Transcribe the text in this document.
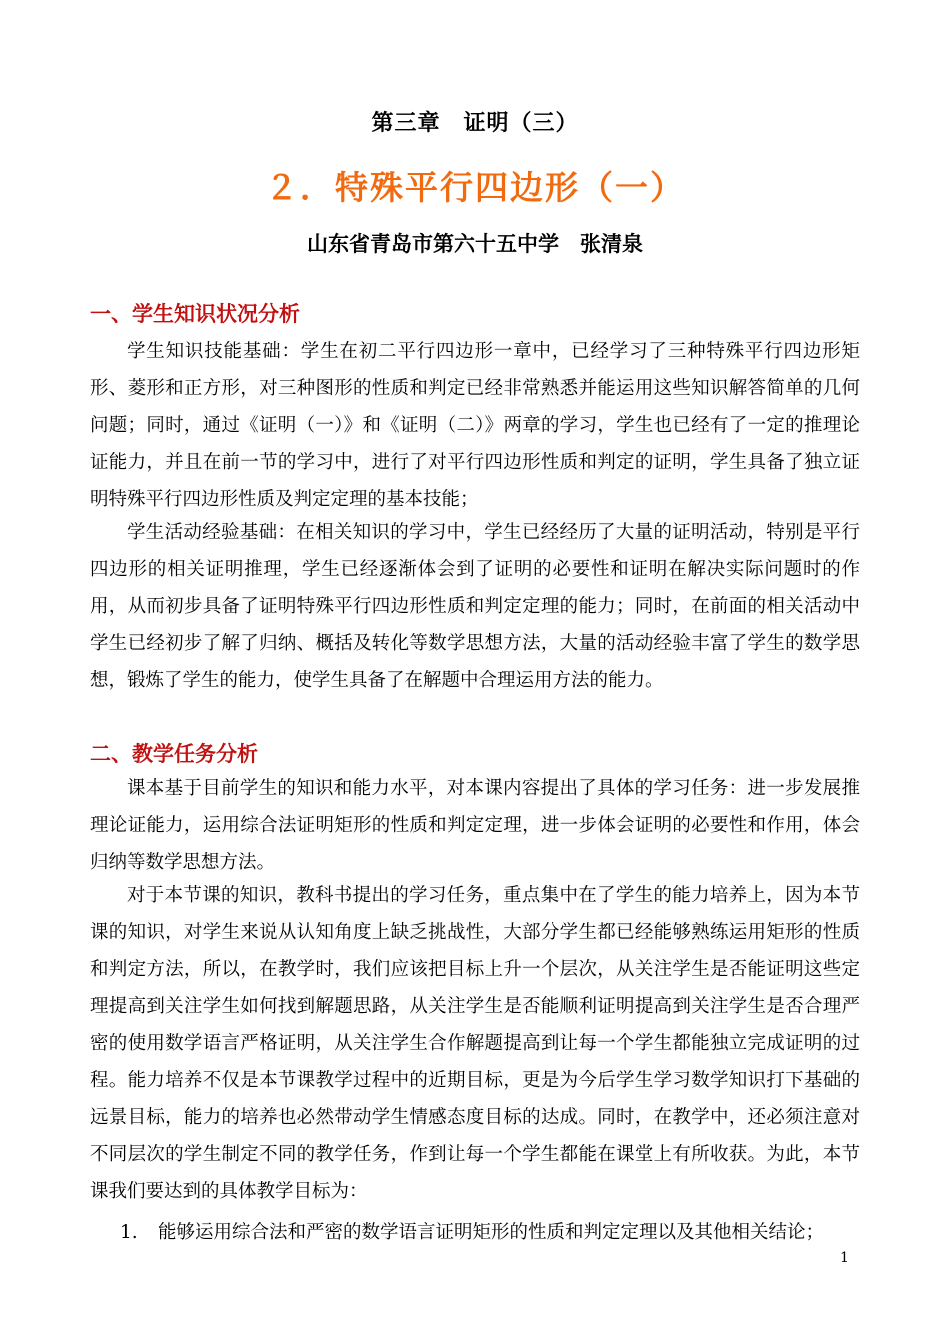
第三章　证明（三）
２．特殊平行四边形（一）
山东省青岛市第六十五中学　张清泉
一、学生知识状况分析

学生知识技能基础：学生在初二平行四边形一章中，已经学习了三种特殊平行四边形矩形、菱形和正方形，对三种图形的性质和判定已经非常熟悉并能运用这些知识解答简单的几何问题；同时，通过《证明（一）》和《证明（二）》两章的学习，学生也已经有了一定的推理论证能力，并且在前一节的学习中，进行了对平行四边形性质和判定的证明，学生具备了独立证明特殊平行四边形性质及判定定理的基本技能；

学生活动经验基础：在相关知识的学习中，学生已经经历了大量的证明活动，特别是平行四边形的相关证明推理，学生已经逐渐体会到了证明的必要性和证明在解决实际问题时的作用，从而初步具备了证明特殊平行四边形性质和判定定理的能力；同时，在前面的相关活动中学生已经初步了解了归纳、概括及转化等数学思想方法，大量的活动经验丰富了学生的数学思想，锻炼了学生的能力，使学生具备了在解题中合理运用方法的能力。

二、教学任务分析

课本基于目前学生的知识和能力水平，对本课内容提出了具体的学习任务：进一步发展推理论证能力，运用综合法证明矩形的性质和判定定理，进一步体会证明的必要性和作用，体会归纳等数学思想方法。

对于本节课的知识，教科书提出的学习任务，重点集中在了学生的能力培养上，因为本节课的知识，对学生来说从认知角度上缺乏挑战性，大部分学生都已经能够熟练运用矩形的性质和判定方法，所以，在教学时，我们应该把目标上升一个层次，从关注学生是否能证明这些定理提高到关注学生如何找到解题思路，从关注学生是否能顺利证明提高到关注学生是否合理严密的使用数学语言严格证明，从关注学生合作解题提高到让每一个学生都能独立完成证明的过程。能力培养不仅是本节课教学过程中的近期目标，更是为今后学生学习数学知识打下基础的远景目标，能力的培养也必然带动学生情感态度目标的达成。同时，在教学中，还必须注意对不同层次的学生制定不同的教学任务，作到让每一个学生都能在课堂上有所收获。为此，本节课我们要达到的具体教学目标为：

1. 能够运用综合法和严密的数学语言证明矩形的性质和判定定理以及其他相关结论；
1
